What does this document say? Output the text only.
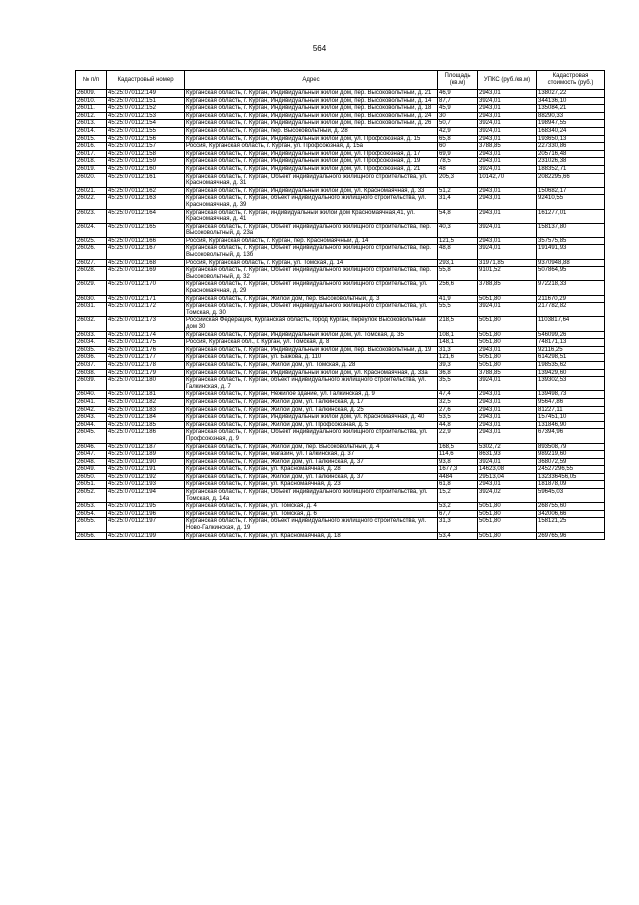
564
№ п/п	Кадастровый номер	Адрес	Площадь (кв.м)	УПКС (руб./кв.м)	Кадастровая стоимость (руб.)
26009.	45:25:070112:149	Курганская область, г. Курган, Индивидуальный жилой дом, пер. Высоковольтный, д. 21	46,9	2943,01	138027,22
26010.	45:25:070112:151	Курганская область, г. Курган, Индивидуальный жилой дом, пер. Высоковольтный, д. 14	87,7	3924,01	344136,10
26011.	45:25:070112:152	Курганская область, г. Курган, Индивидуальный жилой дом, пер. Высоковольтный, д. 18	45,9	2943,01	135084,21
26012.	45:25:070112:153	Курганская область, г. Курган, Индивидуальный жилой дом, пер. Высоковольтный, д. 24	30	2943,01	88290,33
26013.	45:25:070112:154	Курганская область, г. Курган, Индивидуальный жилой дом, пер. Высоковольтный, д. 26	50,7	3924,01	198947,55
26014.	45:25:070112:155	Курганская область, г. Курган, пер. Высоковольтный, д. 28	42,9	3924,01	168340,24
26015.	45:25:070112:156	Курганская область, г. Курган, Индивидуальный жилой дом, ул. Профсоюзная, д. 15	65,8	2943,01	193650,13
26016.	45:25:070112:157	Россия, Курганская область, г. Курган, ул. Профсоюзная, д. 15а	60	3788,85	227330,86
26017.	45:25:070112:158	Курганская область, г. Курган, Индивидуальный жилой дом, ул. Профсоюзная, д. 17	69,9	2943,01	205716,48
26018.	45:25:070112:159	Курганская область, г. Курган, Индивидуальный жилой дом, ул. Профсоюзная, д. 19	78,5	2943,01	231026,38
26019.	45:25:070112:160	Курганская область, г. Курган, Индивидуальный жилой дом, ул. Профсоюзная, д. 21	48	3924,01	188352,71
26020.	45:25:070112:161	Курганская область, г. Курган, Объект индивидуального жилищного строительства, ул. Красномаячная, д. 31	205,3	10142,70	2082295,66
26021.	45:25:070112:162	Курганская область, г. Курган, Индивидуальный жилой дом, ул. Красномаячная, д. 33	51,2	2943,01	150682,17
26022.	45:25:070112:163	Курганская область, г. Курган, объект индивидуального жилищного строительства, ул. Красномаячная, д. 39	31,4	2943,01	92410,55
26023.	45:25:070112:164	Курганская область, г. Курган, индивидуальный жилой дом Красномаячная,41, ул. Красномаячная, д. 41	54,8	2943,01	161277,01
26024.	45:25:070112:165	Курганская область, г. Курган, Объект индивидуального жилищного строительства, пер. Высоковольтный, д. 23а	40,3	3924,01	158137,80
26025.	45:25:070112:166	Россия, Курганская область, г. Курган, пер. Красномаячный, д. 14	121,5	2943,01	357575,85
26026.	45:25:070112:167	Курганская область, г. Курган, Объект индивидуального жилищного строительства, пер. Высоковольтный, д. 13б	48,8	3924,01	191491,93
26027.	45:25:070112:168	Россия, Курганская область, г. Курган, ул. Томская, д. 14	293,1	31971,85	9370948,88
26028.	45:25:070112:169	Курганская область, г. Курган, Объект индивидуального жилищного строительства, пер. Высоковольтный, д. 32	55,8	9101,52	507864,95
26029.	45:25:070112:170	Курганская область, г. Курган, Объект индивидуального жилищного строительства, ул. Красномаячная, д. 29	256,6	3788,85	972218,33
26030.	45:25:070112:171	Курганская область, г. Курган, Жилой дом, пер. Высоковольтный, д. 3	41,9	5051,80	211670,29
26031.	45:25:070112:172	Курганская область, г. Курган, Объект индивидуального жилищного строительства, ул. Томская, д. 30	55,5	3924,01	217782,82
26032.	45:25:070112:173	Российская Федерация, Курганская область, город Курган, переулок Высоковольтный дом 30	218,5	5051,80	1103817,64
26033.	45:25:070112:174	Курганская область, г. Курган, Индивидуальный жилой дом, ул. Томская, д. 35	108,1	5051,80	546099,26
26034.	45:25:070112:175	Россия, Курганская обл., г. Курган, ул. Томская, д. 8	148,1	5051,80	748171,13
26035.	45:25:070112:176	Курганская область, г. Курган, Индивидуальный жилой дом, пер. Высоковольтный, д. 19	31,3	2943,01	92116,25
26036.	45:25:070112:177	Курганская область, г. Курган, ул. Бажова, д. 110	121,6	5051,80	614298,51
26037.	45:25:070112:178	Курганская область, г. Курган, Жилой дом, ул. Томская, д. 28	39,3	5051,80	198535,62
26038.	45:25:070112:179	Курганская область, г. Курган, Индивидуальный жилой дом, ул. Красномаячная, д. 33а	36,8	3788,85	139429,60
26039.	45:25:070112:180	Курганская область, г. Курган, объект индивидуального жилищного строительства, ул. Галкинская, д. 7	35,5	3924,01	139302,53
26040.	45:25:070112:181	Курганская область, г. Курган, Нежилое здание, ул. Галкинская, д. 9	47,4	2943,01	139498,73
26041.	45:25:070112:182	Курганская область, г. Курган, Жилой дом, ул. Галкинская, д. 17	32,5	2943,01	95647,86
26042.	45:25:070112:183	Курганская область, г. Курган, Жилой дом, ул. Галкинская, д. 25	27,6	2943,01	81227,11
26043.	45:25:070112:184	Курганская область, г. Курган, Индивидуальный жилой дом, ул. Красномаячная, д. 40	53,5	2943,01	157451,10
26044.	45:25:070112:185	Курганская область, г. Курган, Жилой дом, ул. Профсоюзная, д. 5	44,8	2943,01	131846,90
26045.	45:25:070112:186	Курганская область, г. Курган, Объект индивидуального жилищного строительства, ул. Профсоюзная, д. 9	22,9	2943,01	67394,96
26046.	45:25:070112:187	Курганская область, г. Курган, Жилой дом, пер. Высоковольтный, д. 4	168,5	5302,72	893508,79
26047.	45:25:070112:189	Курганская область, г. Курган, магазин, ул. Галкинская, д. 37	114,6	8631,93	989219,60
26048.	45:25:070112:190	Курганская область, г. Курган, Жилой дом, ул. Галкинская, д. 37	93,8	3924,01	368072,59
26049.	45:25:070112:191	Курганская область, г. Курган, ул. Красномаячная, д. 28	1677,3	14623,08	24527296,55
26050.	45:25:070112:192	Курганская область, г. Курган, Жилой дом, ул. Галкинская, д. 37	4484	29513,04	132336456,05
26051.	45:25:070112:193	Курганская область, г. Курган, ул. Красномаячная, д. 23	61,8	2943,01	181878,09
26052.	45:25:070112:194	Курганская область, г. Курган, Объект индивидуального жилищного строительства, ул. Томская, д. 14а	15,2	3924,02	59645,03
26053.	45:25:070112:195	Курганская область, г. Курган, ул. Томская, д. 4	53,2	5051,80	268755,60
26054.	45:25:070112:196	Курганская область, г. Курган, ул. Томская, д. 6	67,7	5051,80	342006,66
26055.	45:25:070112:197	Курганская область, г. Курган, объект индивидуального жилищного строительства, ул. Ново-Галкинская, д. 19	31,3	5051,80	158121,25
26056.	45:25:070112:199	Курганская область, г. Курган, ул. Красномаячная, д. 18	53,4	5051,80	269765,96
